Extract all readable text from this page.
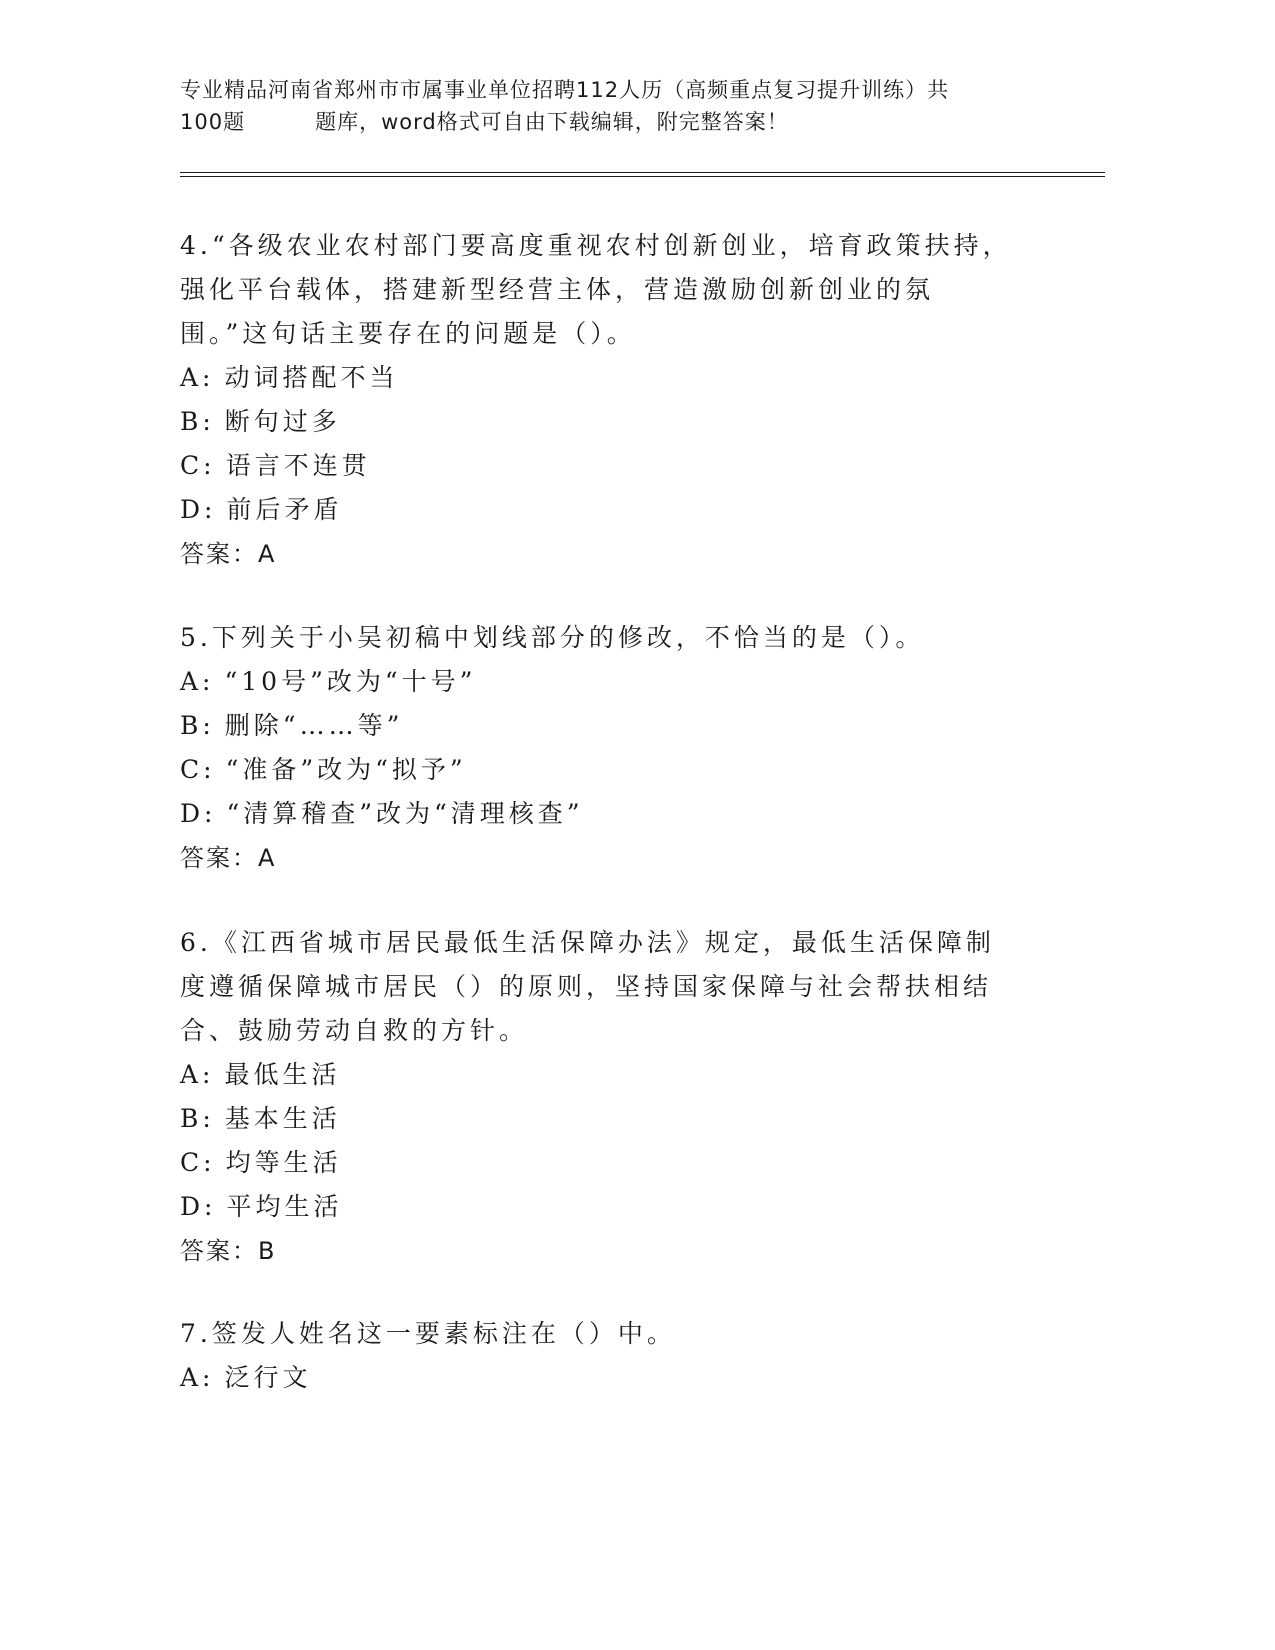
专业精品河南省郑州市市属事业单位招聘112人历（高频重点复习提升训练）共
100题	题库，word格式可自由下载编辑，附完整答案！

4.“各级农业农村部门要高度重视农村创新创业，培育政策扶持，强化平台载体，搭建新型经营主体，营造激励创新创业的氛围。”这句话主要存在的问题是（）。

A: 动词搭配不当
B: 断句过多
C: 语言不连贯
D: 前后矛盾

答案：A

5.下列关于小吴初稿中划线部分的修改，不恰当的是（）。

A: “10号”改为“十号”
B: 删除“……等”
C: “准备”改为“拟予”
D: “清算稽查”改为“清理核查”

答案：A

6.《江西省城市居民最低生活保障办法》规定，最低生活保障制度遵循保障城市居民（）的原则，坚持国家保障与社会帮扶相结合、鼓励劳动自救的方针。

A: 最低生活
B: 基本生活
C: 均等生活
D: 平均生活

答案：B

7.签发人姓名这一要素标注在（）中。

A: 泛行文
